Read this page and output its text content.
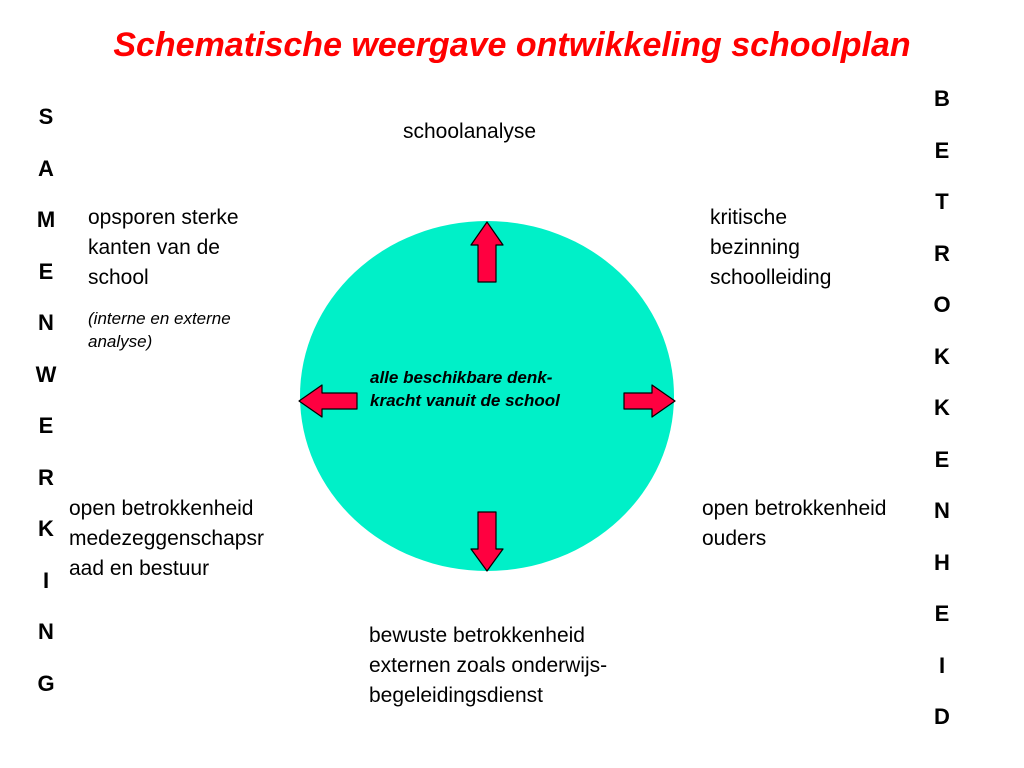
Schematische weergave ontwikkeling schoolplan
S
A
M
E
N
W
E
R
K
I
N
G
B
E
T
R
O
K
K
E
N
H
E
I
D
schoolanalyse
opsporen sterke
kanten van de
school
(interne en externe
analyse)
kritische
bezinning
schoolleiding
open betrokkenheid
medezeggenschapsr
aad en bestuur
open betrokkenheid
ouders
bewuste betrokkenheid
externen zoals onderwijs-
begeleidingsdienst
alle beschikbare denk-
kracht vanuit de school
